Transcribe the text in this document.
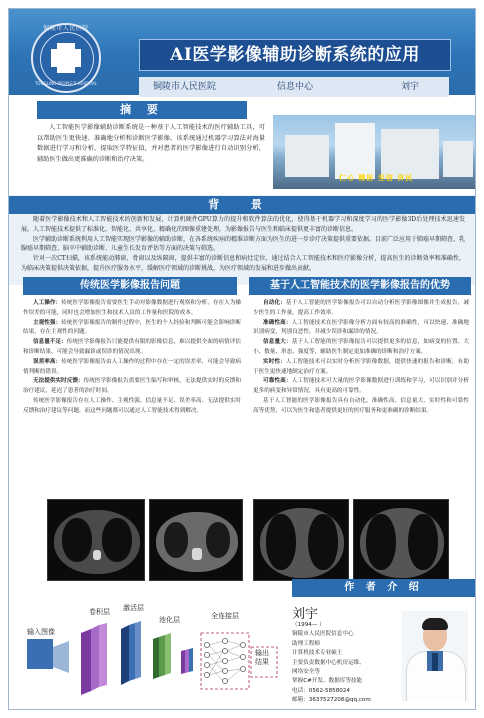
铜陵市人民医院
TONGLING PEOPLE'S HOSPITAL
AI医学影像辅助诊断系统的应用
铜陵市人民医院	信息中心	刘宇
摘 要

人工智能医学影像辅助诊断系统是一种基于人工智能技术的医疗辅助工具，可以帮助医生更快速、准确地分析和诊断医学影像。该系统通过机器学习算法对海量数据进行学习和分析，提取医学特征值，并对患者的医学影像进行自动识别分析，辅助医生做出更准确的诊断和治疗决策。

仁心 精医 至信 济民
背 景

随着医学影像技术和人工智能技术的创新和发展，计算机硬件GPU算力的提升和软件算法的优化，使得基于机器学习和深度学习的医学影像3D后处理技术迅速发展。人工智能技术提供了标准化、智能化、共享化、精确化的图像重建处理，为影像报告与医生和临床提供更丰富的诊断信息。

医学辅助诊断系统利用人工智能实现医学影像的辅助诊断，在各系统疾病的精准诊断方面为医生的进一步诊疗决策提供重要依据。目前广泛应用于肺癌早期筛查、乳腺癌早期筛查、脑卒中辅助诊断、儿童生长发育评估等方面的决策与筛选。

针对一次CT扫描，该系统能动肺窗、骨窗以及纵隔窗，提供丰富的诊断信息和病灶定位，通过结合人工智能技术和医疗影像分析，提高医生的诊断效率和准确性，为临床决策提供决策依据，提升医疗服务水平，缓解医疗领域的诊断挑战，为医疗领域的发展和进步做出贡献。

传统医学影像报告问题

人工操作：传统医学影像报告需要医生手动对影像数据进行观察和分析，存在人为操作误差的可能，同时也会增加医生和技术人员的工作量和医院的成本。

主观性强：传统医学影像报告的制作过程中，医生的个人经验和判断可能会影响诊断结果，存在主观性的问题。

信息量不足：传统医学影像报告只能提供有限的影像信息，难以提供全面的病情评估和诊断结果，可能会导致漏诊或误诊的情况出现。

误差率高：传统医学影像报告由人工操作的过程中存在一定的误差率，可能会导致病情判断的错误。

无法提供实时反馈：传统医学影像报告需要医生编写和审核，无法提供实时的反馈和治疗建议，延迟了患者的治疗时间。

传统医学影像报告存在人工操作、主观性强、信息量不足、误差率高、无法提供实时反馈和治疗建议等问题，而这些问题都可以通过人工智能技术得到解决。

基于人工智能技术的医学影像报告的优势

自动化：基于人工智能的医学影像报告可以自动分析医学影像图像并生成报告，减少医生的工作量，提高工作效率。

准确性高：人工智能技术在医学影像分析方面有较高的准确性，可以快速、准确地识别病变，判别良恶性，并减少误诊和漏诊的情况。

信息量大：基于人工智能的医学影像报告可以提供更多的信息，如病变的位置、大小、数量、形态、强度等，辅助医生制定更加准确的诊断和治疗方案。

实时性：人工智能技术可以实时分析医学影像数据，提供快速的报告和诊断，有助于医生更快速地制定治疗方案。

可靠性高：人工智能技术可大量的医学影像数据进行训练和学习，可以识别并分析更多的病变和异常情况，具有更高的可靠性。

基于人工智能的医学影像报告具有自动化、准确性高、信息量大、实时性和可靠性高等优势，可以为医生和患者提供更好的医疗服务和更准确的诊断结果。

输入图像
卷积层 激活层
池化层	全连接层
输出结果
作 者 介 绍
刘宇
（1994— ）
铜陵市人民医院信息中心
助理工程师
计算机技术专业硕士
主要负责数据中心机房运维、
网络安全等
掌握C#开发、数据库等技能
电话：0562-5858024
邮箱：3637527208@qq.com
